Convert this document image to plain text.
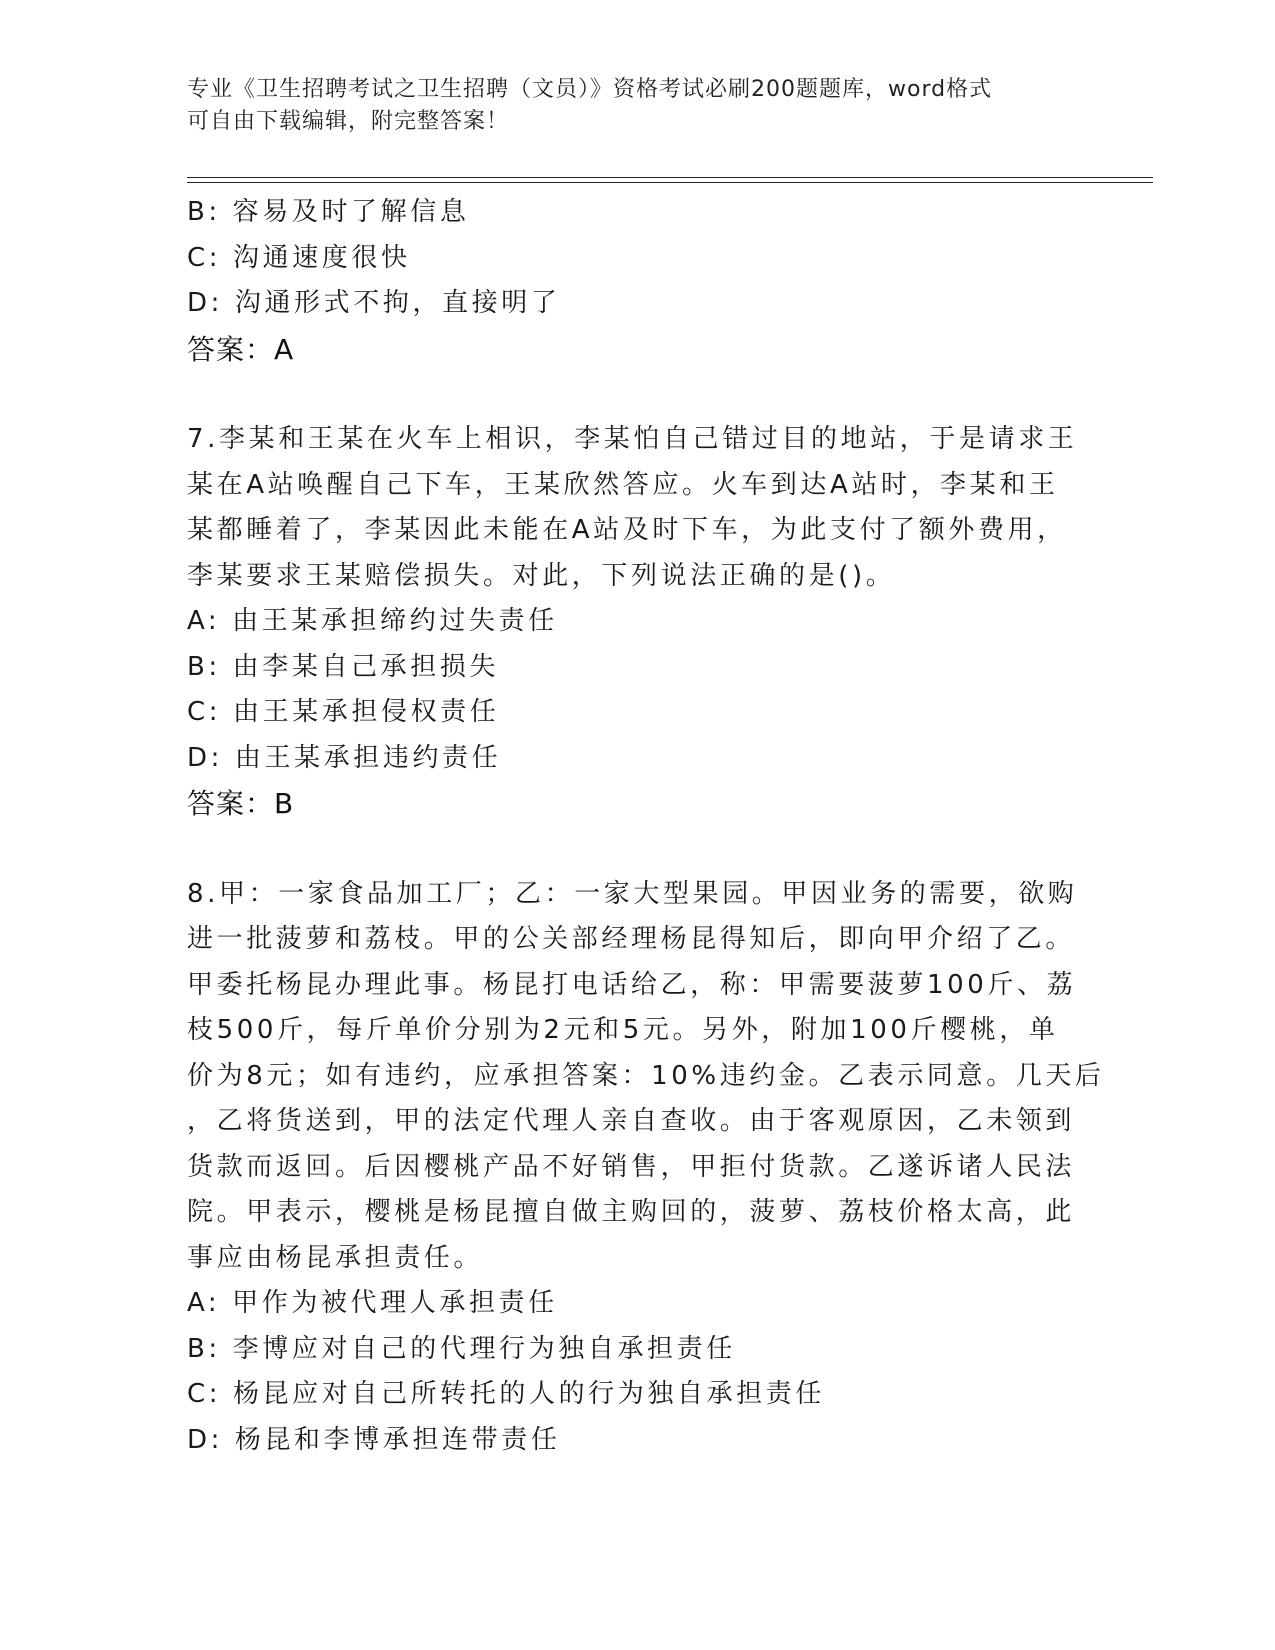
专业《卫生招聘考试之卫生招聘（文员）》资格考试必刷200题题库，word格式
可自由下载编辑，附完整答案！
B: 容易及时了解信息
C: 沟通速度很快
D: 沟通形式不拘，直接明了
答案：A
7.李某和王某在火车上相识，李某怕自己错过目的地站，于是请求王
某在A站唤醒自己下车，王某欣然答应。火车到达A站时，李某和王
某都睡着了，李某因此未能在A站及时下车，为此支付了额外费用，
李某要求王某赔偿损失。对此，下列说法正确的是()。
A: 由王某承担缔约过失责任
B: 由李某自己承担损失
C: 由王某承担侵权责任
D: 由王某承担违约责任
答案：B
8.甲：一家食品加工厂；乙：一家大型果园。甲因业务的需要，欲购
进一批菠萝和荔枝。甲的公关部经理杨昆得知后，即向甲介绍了乙。
甲委托杨昆办理此事。杨昆打电话给乙，称：甲需要菠萝100斤、荔
枝500斤，每斤单价分别为2元和5元。另外，附加100斤樱桃，单
价为8元；如有违约，应承担答案：10%违约金。乙表示同意。几天后
，乙将货送到，甲的法定代理人亲自查收。由于客观原因，乙未领到
货款而返回。后因樱桃产品不好销售，甲拒付货款。乙遂诉诸人民法
院。甲表示，樱桃是杨昆擅自做主购回的，菠萝、荔枝价格太高，此
事应由杨昆承担责任。
A: 甲作为被代理人承担责任
B: 李博应对自己的代理行为独自承担责任
C: 杨昆应对自己所转托的人的行为独自承担责任
D: 杨昆和李博承担连带责任
